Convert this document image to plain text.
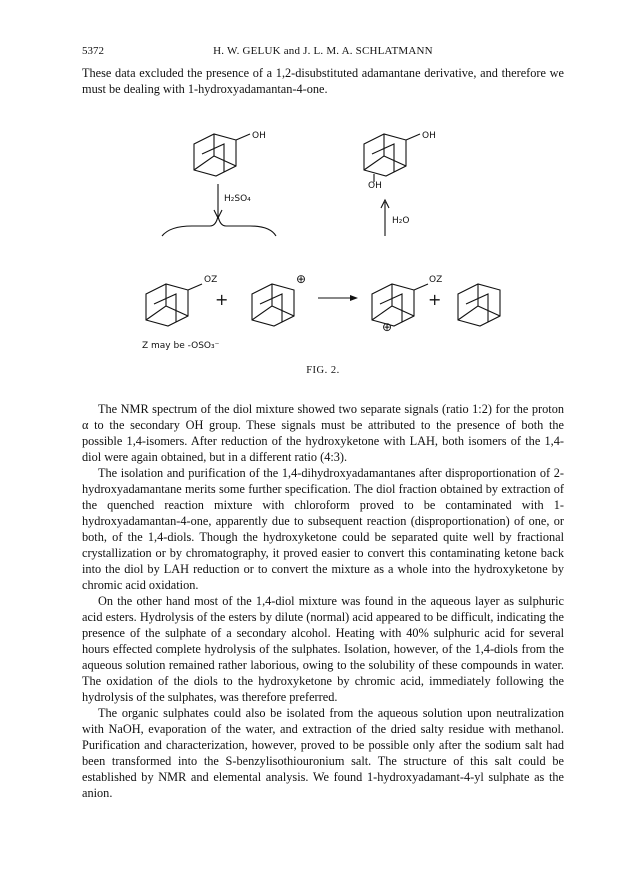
5372	H. W. GELUK and J. L. M. A. SCHLATMANN
These data excluded the presence of a 1,2-disubstituted adamantane derivative, and therefore we must be dealing with 1-hydroxyadamantan-4-one.
OH	OH
OH
H₂SO₄
H₂O
OZ
+
⊕	OZ
+
⊕
Z may be -OSO₃⁻
FIG. 2.

The NMR spectrum of the diol mixture showed two separate signals (ratio 1:2) for the proton α to the secondary OH group. These signals must be attributed to the presence of both the possible 1,4-isomers. After reduction of the hydroxyketone with LAH, both isomers of the 1,4-diol were again obtained, but in a different ratio (4:3).

The isolation and purification of the 1,4-dihydroxyadamantanes after disproportionation of 2-hydroxyadamantane merits some further specification. The diol fraction obtained by extraction of the quenched reaction mixture with chloroform proved to be contaminated with 1-hydroxyadamantan-4-one, apparently due to subsequent reaction (disproportionation) of one, or both, of the 1,4-diols. Though the hydroxyketone could be separated quite well by fractional crystallization or by chromatography, it proved easier to convert this contaminating ketone back into the diol by LAH reduction or to convert the mixture as a whole into the hydroxyketone by chromic acid oxidation.

On the other hand most of the 1,4-diol mixture was found in the aqueous layer as sulphuric acid esters. Hydrolysis of the esters by dilute (normal) acid appeared to be difficult, indicating the presence of the sulphate of a secondary alcohol. Heating with 40% sulphuric acid for several hours effected complete hydrolysis of the sulphates. Isolation, however, of the 1,4-diols from the aqueous solution remained rather laborious, owing to the solubility of these compounds in water. The oxidation of the diols to the hydroxyketone by chromic acid, immediately following the hydrolysis of the sulphates, was therefore preferred.

The organic sulphates could also be isolated from the aqueous solution upon neutralization with NaOH, evaporation of the water, and extraction of the dried salty residue with methanol. Purification and characterization, however, proved to be possible only after the sodium salt had been transformed into the S-benzylisothiouronium salt. The structure of this salt could be established by NMR and elemental analysis. We found 1-hydroxyadamant-4-yl sulphate as the anion.
